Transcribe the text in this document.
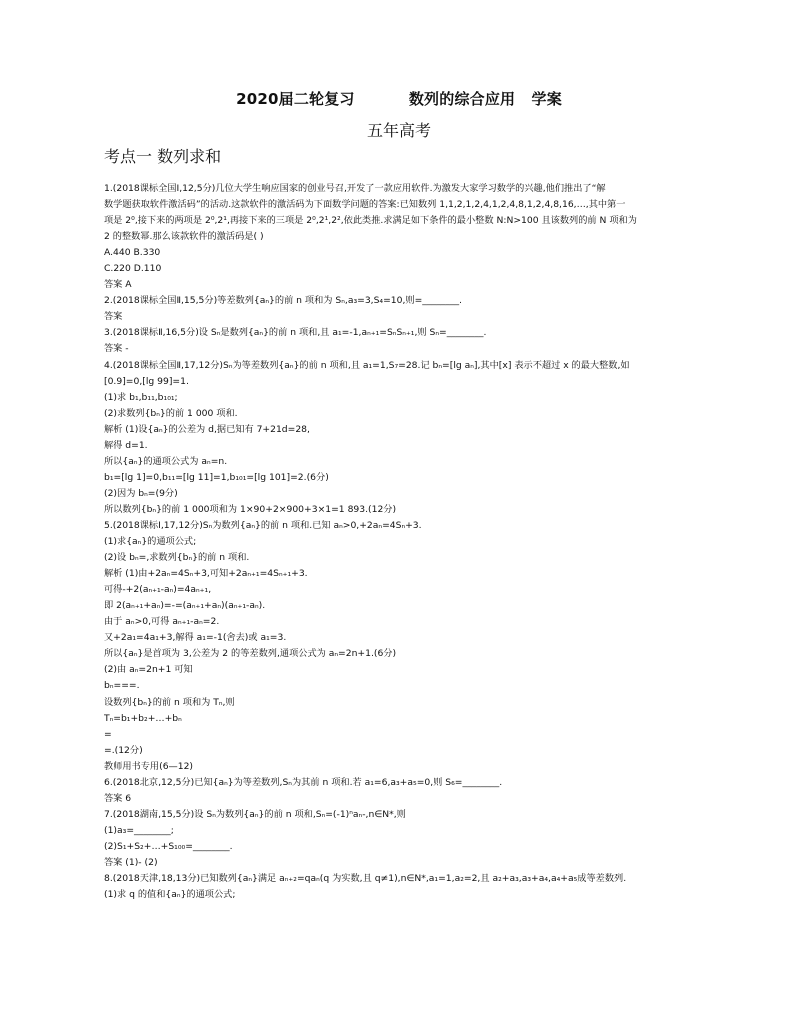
2020届二轮复习          数列的综合应用   学案
五年高考
考点一 数列求和
1.(2018课标全国Ⅰ,12,5分)几位大学生响应国家的创业号召,开发了一款应用软件.为激发大家学习数学的兴趣,他们推出了“解
数学题获取软件激活码”的活动.这款软件的激活码为下面数学问题的答案:已知数列 1,1,2,1,2,4,1,2,4,8,1,2,4,8,16,…,其中第一
项是 2⁰,接下来的两项是 2⁰,2¹,再接下来的三项是 2⁰,2¹,2²,依此类推.求满足如下条件的最小整数 N:N>100 且该数列的前 N 项和为
2 的整数幂.那么该款软件的激活码是( )
A.440 B.330
C.220 D.110
答案 A
2.(2018课标全国Ⅱ,15,5分)等差数列{aₙ}的前 n 项和为 Sₙ,a₃=3,S₄=10,则=________.
答案
3.(2018课标Ⅱ,16,5分)设 Sₙ是数列{aₙ}的前 n 项和,且 a₁=-1,aₙ₊₁=SₙSₙ₊₁,则 Sₙ=________.
答案 -
4.(2018课标全国Ⅱ,17,12分)Sₙ为等差数列{aₙ}的前 n 项和,且 a₁=1,S₇=28.记 bₙ=[lg aₙ],其中[x] 表示不超过 x 的最大整数,如
[0.9]=0,[lg 99]=1.
(1)求 b₁,b₁₁,b₁₀₁;
(2)求数列{bₙ}的前 1 000 项和.
解析 (1)设{aₙ}的公差为 d,据已知有 7+21d=28,
解得 d=1.
所以{aₙ}的通项公式为 aₙ=n.
b₁=[lg 1]=0,b₁₁=[lg 11]=1,b₁₀₁=[lg 101]=2.(6分)
(2)因为 bₙ=(9分)
所以数列{bₙ}的前 1 000项和为 1×90+2×900+3×1=1 893.(12分)
5.(2018课标Ⅰ,17,12分)Sₙ为数列{aₙ}的前 n 项和.已知 aₙ>0,+2aₙ=4Sₙ+3.
(1)求{aₙ}的通项公式;
(2)设 bₙ=,求数列{bₙ}的前 n 项和.
解析 (1)由+2aₙ=4Sₙ+3,可知+2aₙ₊₁=4Sₙ₊₁+3.
可得-+2(aₙ₊₁-aₙ)=4aₙ₊₁,
即 2(aₙ₊₁+aₙ)=-=(aₙ₊₁+aₙ)(aₙ₊₁-aₙ).
由于 aₙ>0,可得 aₙ₊₁-aₙ=2.
又+2a₁=4a₁+3,解得 a₁=-1(舍去)或 a₁=3.
所以{aₙ}是首项为 3,公差为 2 的等差数列,通项公式为 aₙ=2n+1.(6分)
(2)由 aₙ=2n+1 可知
bₙ===.
设数列{bₙ}的前 n 项和为 Tₙ,则
Tₙ=b₁+b₂+…+bₙ
=
=.(12分)
教师用书专用(6—12)
6.(2018北京,12,5分)已知{aₙ}为等差数列,Sₙ为其前 n 项和.若 a₁=6,a₃+a₅=0,则 S₆=________.
答案 6
7.(2018湖南,15,5分)设 Sₙ为数列{aₙ}的前 n 项和,Sₙ=(-1)ⁿaₙ-,n∈N*,则
(1)a₃=________;
(2)S₁+S₂+…+S₁₀₀=________.
答案 (1)- (2)
8.(2018天津,18,13分)已知数列{aₙ}满足 aₙ₊₂=qaₙ(q 为实数,且 q≠1),n∈N*,a₁=1,a₂=2,且 a₂+a₃,a₃+a₄,a₄+a₅成等差数列.
(1)求 q 的值和{aₙ}的通项公式;
